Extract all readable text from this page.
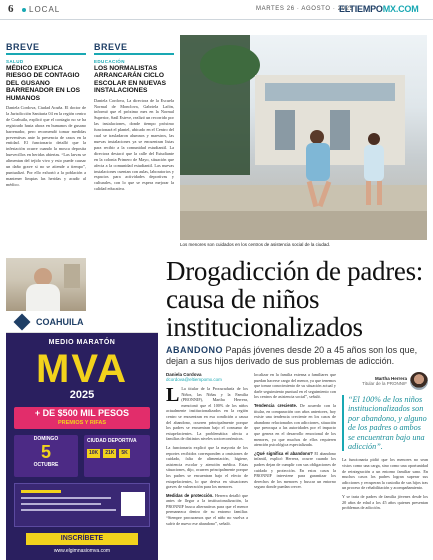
6 LOCAL	MARTES 26 · AGOSTO · 2025
ELTIEMPOMX.COM
BREVE
SALUD
MÉDICO EXPLICA RIESGO DE CONTAGIO DEL GUSANO BARRENADOR EN LOS HUMANOS
Daniela Cordova, Ciudad Acuña. El doctor de la Jurisdicción Sanitaria 04 en la región centro de Coahuila, explicó que el contagio no se ha registrado hasta ahora en humanos de gusano barrenador, pero recomendó tomar medidas preventivas ante la presencia de casos en la entidad. El funcionario detalló que la infestación ocurre cuando la mosca deposita huevecillos en heridas abiertas. “Las larvas se alimentan del tejido vivo y esto puede causar un daño grave si no se atiende a tiempo”, puntualizó. Por ello exhortó a la población a mantener limpias las heridas y acudir al médico.
BREVE
EDUCACIÓN
LOS NORMALISTAS ARRANCARÁN CICLO ESCOLAR EN NUEVAS INSTALACIONES
Daniela Cordova, La directora de la Escuela Normal de Monclova, Gabriela Lafón, informó que el próximo mes en la Normal Superior, Saúl Esteve, realizó un recorrido por las instalaciones, donde tiempo próximo funcionará el plantel, ubicado en el Centro del cual se trasladaron alumnos y maestros, las nuevas instalaciones ya se encuentran listas para recibir a la comunidad estudiantil. La directora destacó que la calle del Estudiante en la colonia Primero de Mayo, situación que afecta a la comunidad estudiantil. Las nuevas instalaciones cuentan con aulas, laboratorios y espacios para actividades deportivas y culturales, con lo que se espera mejorar la calidad educativa.
Los menores son cuidados en los centros de asistencia social de la ciudad.
Drogadicción de padres: causa de niños institucionalizados
ABANDONO Papás jóvenes desde 20 a 45 años son los que, dejan a sus hijos derivado de sus problemas de adicción.
Daniela Cordova
dcordova@eltiempomx.com
L La titular de la Procuraduría de los Niños, las Niñas y la Familia (PRONNIF), Martha Herrera, mencionó que el 100% de los niños actualmente institucionalizados en la región centro se encuentran en esa condición a causa del abandono, ocurren principalmente porque los padres se encuentran bajo el consumo de estupefacientes. La problemática afecta a familias de distintos niveles socioeconómicos.
La funcionaria explicó que la mayoría de los reportes recibidos corresponden a omisiones de cuidado, falta de alimentación, higiene, asistencia escolar y atención médica. Estas situaciones, dijo, ocurren principalmente porque los padres se encuentran bajo el efecto de estupefacientes, lo que deriva en situaciones graves de vulneración para los menores.
Medidas de protección. Herrera detalló que antes de llegar a la institucionalización, la PRONNIF busca alternativas para que el menor permanezca dentro de su entorno familiar. “Siempre procuramos que el niño no vuelva a sufrir de nuevo ese abandono”, señaló.
localizar en la familia extensa a familiares que puedan hacerse cargo del menor, ya que tenemos que tomar conocimiento de su situación actual y darle seguimiento puntual en el seguimiento con los centros de asistencia social”, señaló.
Tendencia creciente. De acuerdo con la titular, en comparación con años anteriores, hoy existe una tendencia creciente en los casos de abandono relacionados con adicciones, situación que preocupa a las autoridades por el impacto que genera en el desarrollo emocional de los menores, ya que muchos de ellos requieren atención psicológica especializada.
¿Qué significa el abandono? El abandono infantil, explicó Herrera, ocurre cuando los padres dejan de cumplir con sus obligaciones de cuidado y protección. En estos casos la PRONNIF interviene para garantizar los derechos de los menores y buscar un entorno seguro donde puedan crecer.
Martha Herrera
Titular de la PRONNIF
“El 100% de los niños institucionalizados son por abandono, y alguno de los padres o ambos se encuentran bajo una adicción”.
La funcionaria pidió que los menores no sean vistos como una carga, sino como una oportunidad de reintegración a un entorno familiar sano. En muchos casos los padres logran superar sus adicciones y recuperan la custodia de sus hijos tras un proceso de rehabilitación y acompañamiento.
Y se trata de padres de familia jóvenes desde los 20 años de edad a los 45 años quienes presentan problemas de adicción.
COAHUILA
MEDIO MARATÓN
MVA
2025
+ DE $500 MIL PESOS
PREMIOS Y RIFAS
DOMINGO
5
OCTUBRE
CIUDAD DEPORTIVA
10K	21K	5K
INSCRÍBETE
www.elgimnasiomva.com
